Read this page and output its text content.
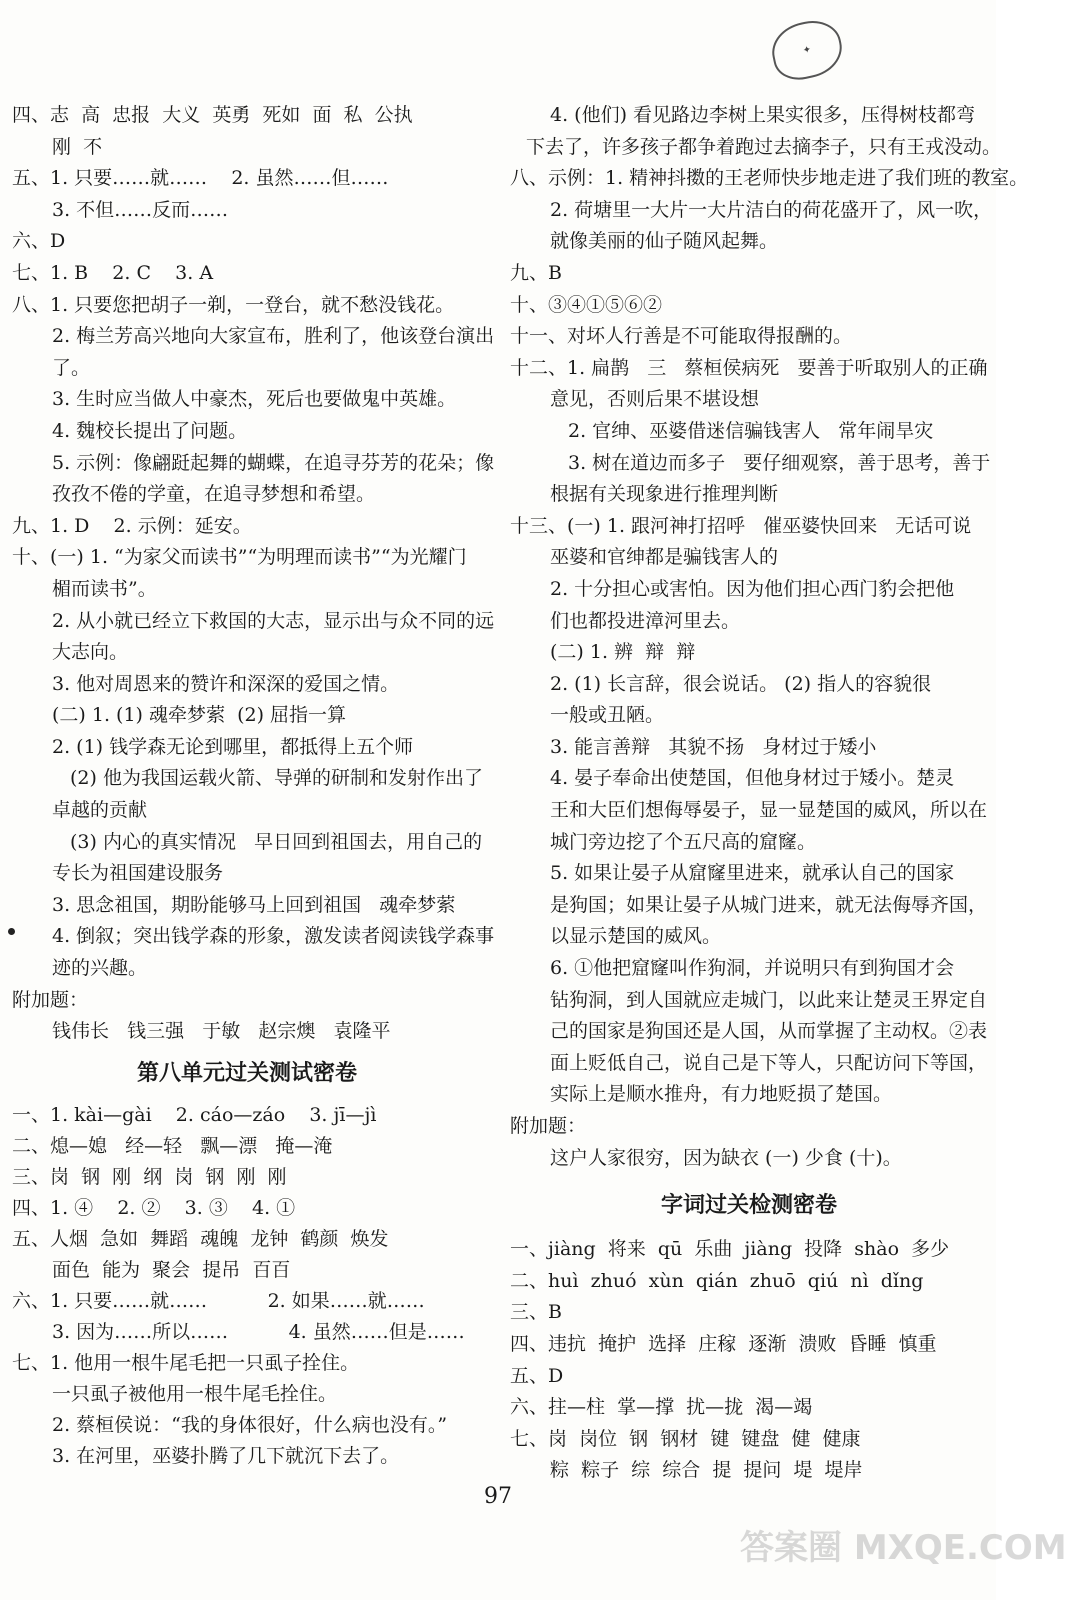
✦
四、志  高  忠报  大义  英勇  死如  面  私  公执
刚  不
五、1. 只要……就……    2. 虽然……但……
3. 不但……反而……
六、D
七、1. B    2. C    3. A
八、1. 只要您把胡子一剃，一登台，就不愁没钱花。
2. 梅兰芳高兴地向大家宣布，胜利了，他该登台演出
了。
3. 生时应当做人中豪杰，死后也要做鬼中英雄。
4. 魏校长提出了问题。
5. 示例：像翩跹起舞的蝴蝶，在追寻芬芳的花朵；像
孜孜不倦的学童，在追寻梦想和希望。
九、1. D    2. 示例：延安。
十、(一) 1. “为家父而读书”“为明理而读书”“为光耀门
楣而读书”。
2. 从小就已经立下救国的大志，显示出与众不同的远
大志向。
3. 他对周恩来的赞许和深深的爱国之情。
(二) 1. (1) 魂牵梦萦  (2) 屈指一算
2. (1) 钱学森无论到哪里，都抵得上五个师
(2) 他为我国运载火箭、导弹的研制和发射作出了
卓越的贡献
(3) 内心的真实情况   早日回到祖国去，用自己的
专长为祖国建设服务
3. 思念祖国，期盼能够马上回到祖国   魂牵梦萦
4. 倒叙；突出钱学森的形象，激发读者阅读钱学森事
迹的兴趣。
附加题：
钱伟长   钱三强   于敏   赵宗燠   袁隆平
第八单元过关测试密卷
一、1. kài—gài    2. cáo—záo    3. jī—jì
二、熄—媳   经—轻   飘—漂   掩—淹
三、岗  钢  刚  纲  岗  钢  刚  刚
四、1. ④    2. ②    3. ③    4. ①
五、人烟  急如  舞蹈  魂魄  龙钟  鹤颜  焕发
面色  能为  聚会  提吊  百百
六、1. 只要……就……          2. 如果……就……
3. 因为……所以……          4. 虽然……但是……
七、1. 他用一根牛尾毛把一只虱子拴住。
一只虱子被他用一根牛尾毛拴住。
2. 蔡桓侯说：“我的身体很好，什么病也没有。”
3. 在河里，巫婆扑腾了几下就沉下去了。
4. (他们) 看见路边李树上果实很多，压得树枝都弯
下去了，许多孩子都争着跑过去摘李子，只有王戎没动。
八、示例：1. 精神抖擞的王老师快步地走进了我们班的教室。
2. 荷塘里一大片一大片洁白的荷花盛开了，风一吹，
就像美丽的仙子随风起舞。
九、B
十、③④①⑤⑥②
十一、对坏人行善是不可能取得报酬的。
十二、1. 扁鹊   三   蔡桓侯病死   要善于听取别人的正确
意见，否则后果不堪设想
2. 官绅、巫婆借迷信骗钱害人   常年闹旱灾
3. 树在道边而多子   要仔细观察，善于思考，善于
根据有关现象进行推理判断
十三、(一) 1. 跟河神打招呼   催巫婆快回来   无话可说
巫婆和官绅都是骗钱害人的
2. 十分担心或害怕。因为他们担心西门豹会把他
们也都投进漳河里去。
(二) 1. 辨  辩  辩
2. (1) 长言辞，很会说话。 (2) 指人的容貌很
一般或丑陋。
3. 能言善辩   其貌不扬   身材过于矮小
4. 晏子奉命出使楚国，但他身材过于矮小。楚灵
王和大臣们想侮辱晏子，显一显楚国的威风，所以在
城门旁边挖了个五尺高的窟窿。
5. 如果让晏子从窟窿里进来，就承认自己的国家
是狗国；如果让晏子从城门进来，就无法侮辱齐国，
以显示楚国的威风。
6. ①他把窟窿叫作狗洞，并说明只有到狗国才会
钻狗洞，到人国就应走城门，以此来让楚灵王界定自
己的国家是狗国还是人国，从而掌握了主动权。②表
面上贬低自己，说自己是下等人，只配访问下等国，
实际上是顺水推舟，有力地贬损了楚国。
附加题：
这户人家很穷，因为缺衣 (一) 少食 (十)。
字词过关检测密卷
一、jiàng  将来  qū  乐曲  jiàng  投降  shào  多少
二、huì  zhuó  xùn  qián  zhuō  qiú  nì  dǐng
三、B
四、违抗  掩护  选择  庄稼  逐渐  溃败  昏睡  慎重
五、D
六、拄—柱  掌—撑  扰—拢  渴—竭
七、岗  岗位  钢  钢材  键  键盘  健  健康
粽  粽子  综  综合  提  提问  堤  堤岸
97
答案圈 MXQE.COM
